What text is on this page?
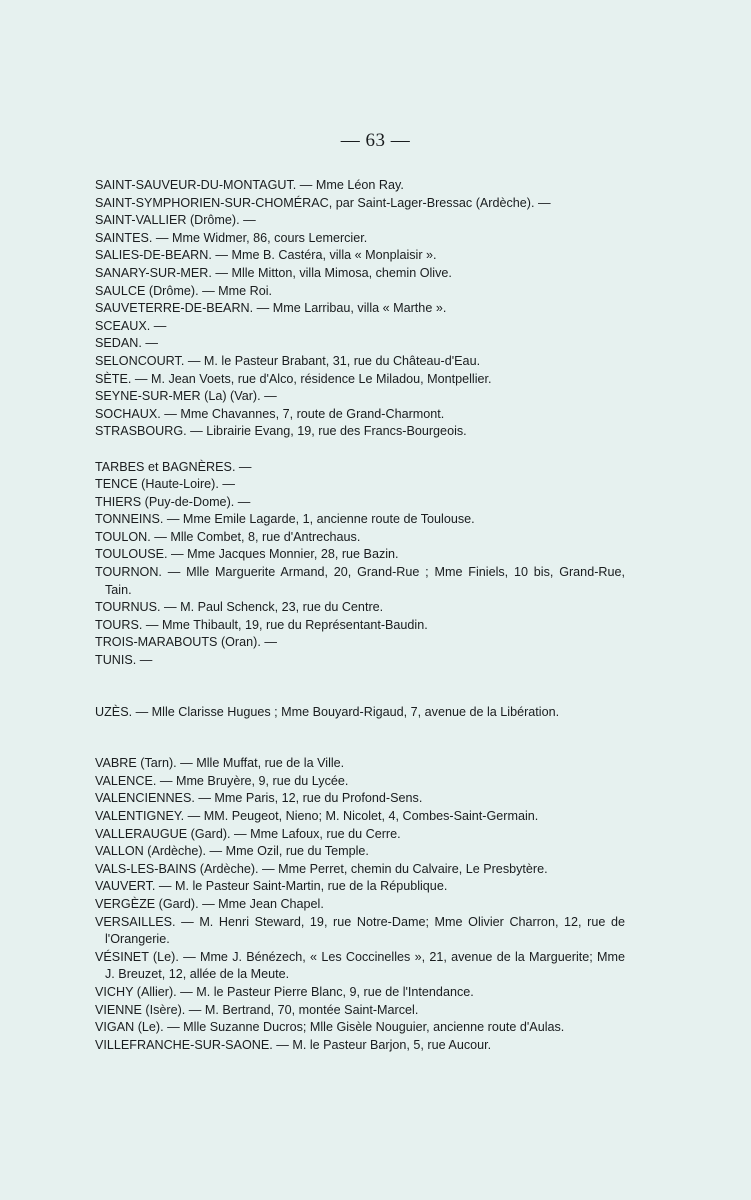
— 63 —
SAINT-SAUVEUR-DU-MONTAGUT. — Mme Léon Ray.
SAINT-SYMPHORIEN-SUR-CHOMÉRAC, par Saint-Lager-Bressac (Ardèche). —
SAINT-VALLIER (Drôme). —
SAINTES. — Mme Widmer, 86, cours Lemercier.
SALIES-DE-BEARN. — Mme B. Castéra, villa « Monplaisir ».
SANARY-SUR-MER. — Mlle Mitton, villa Mimosa, chemin Olive.
SAULCE (Drôme). — Mme Roi.
SAUVETERRE-DE-BEARN. — Mme Larribau, villa « Marthe ».
SCEAUX. —
SEDAN. —
SELONCOURT. — M. le Pasteur Brabant, 31, rue du Château-d'Eau.
SÈTE. — M. Jean Voets, rue d'Alco, résidence Le Miladou, Montpellier.
SEYNE-SUR-MER (La) (Var). —
SOCHAUX. — Mme Chavannes, 7, route de Grand-Charmont.
STRASBOURG. — Librairie Evang, 19, rue des Francs-Bourgeois.
TARBES et BAGNÈRES. —
TENCE (Haute-Loire). —
THIERS (Puy-de-Dome). —
TONNEINS. — Mme Emile Lagarde, 1, ancienne route de Toulouse.
TOULON. — Mlle Combet, 8, rue d'Antrechaus.
TOULOUSE. — Mme Jacques Monnier, 28, rue Bazin.
TOURNON. — Mlle Marguerite Armand, 20, Grand-Rue ; Mme Finiels, 10 bis, Grand-Rue, Tain.
TOURNUS. — M. Paul Schenck, 23, rue du Centre.
TOURS. — Mme Thibault, 19, rue du Représentant-Baudin.
TROIS-MARABOUTS (Oran). —
TUNIS. —
UZÈS. — Mlle Clarisse Hugues ; Mme Bouyard-Rigaud, 7, avenue de la Libération.
VABRE (Tarn). — Mlle Muffat, rue de la Ville.
VALENCE. — Mme Bruyère, 9, rue du Lycée.
VALENCIENNES. — Mme Paris, 12, rue du Profond-Sens.
VALENTIGNEY. — MM. Peugeot, Nieno; M. Nicolet, 4, Combes-Saint-Germain.
VALLERAUGUE (Gard). — Mme Lafoux, rue du Cerre.
VALLON (Ardèche). — Mme Ozil, rue du Temple.
VALS-LES-BAINS (Ardèche). — Mme Perret, chemin du Calvaire, Le Presbytère.
VAUVERT. — M. le Pasteur Saint-Martin, rue de la République.
VERGÈZE (Gard). — Mme Jean Chapel.
VERSAILLES. — M. Henri Steward, 19, rue Notre-Dame; Mme Olivier Charron, 12, rue de l'Orangerie.
VÉSINET (Le). — Mme J. Bénézech, « Les Coccinelles », 21, avenue de la Marguerite; Mme J. Breuzet, 12, allée de la Meute.
VICHY (Allier). — M. le Pasteur Pierre Blanc, 9, rue de l'Intendance.
VIENNE (Isère). — M. Bertrand, 70, montée Saint-Marcel.
VIGAN (Le). — Mlle Suzanne Ducros; Mlle Gisèle Nouguier, ancienne route d'Aulas.
VILLEFRANCHE-SUR-SAONE. — M. le Pasteur Barjon, 5, rue Aucour.
